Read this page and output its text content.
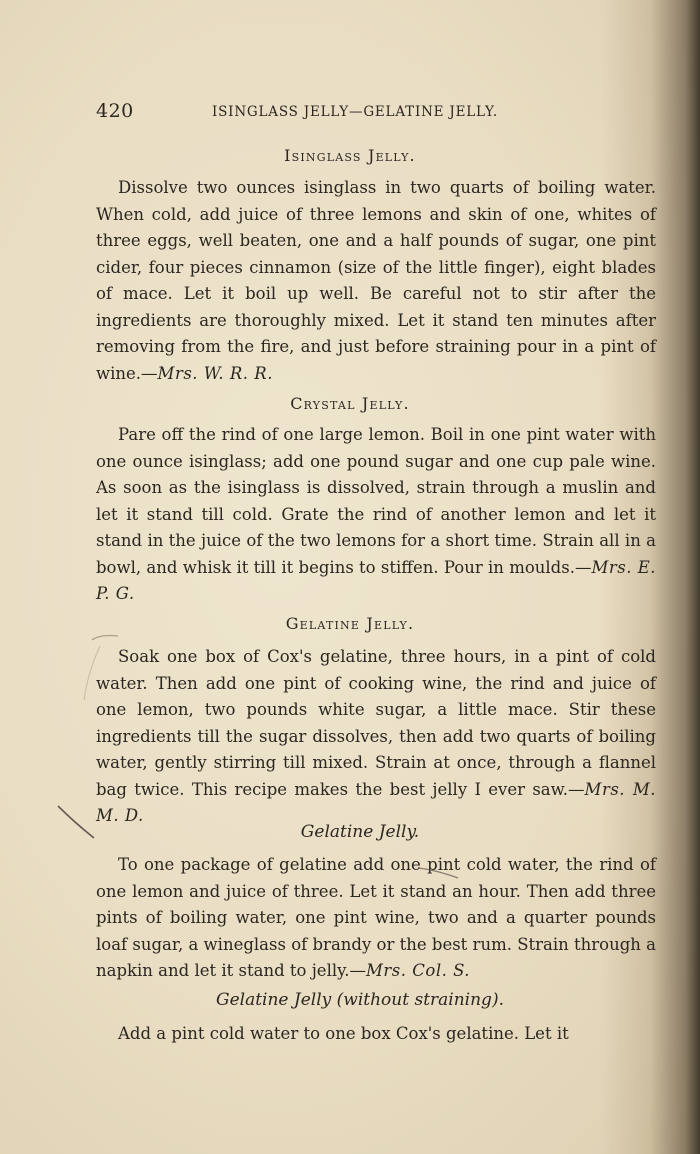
420	ISINGLASS JELLY—GELATINE JELLY.
Isinglass Jelly.

Dissolve two ounces isinglass in two quarts of boiling water. When cold, add juice of three lemons and skin of one, whites of three eggs, well beaten, one and a half pounds of sugar, one pint cider, four pieces cinnamon (size of the little finger), eight blades of mace. Let it boil up well. Be careful not to stir after the ingredients are thoroughly mixed. Let it stand ten minutes after removing from the fire, and just before straining pour in a pint of wine.—Mrs. W. R. R.

Crystal Jelly.

Pare off the rind of one large lemon. Boil in one pint water with one ounce isinglass; add one pound sugar and one cup pale wine. As soon as the isinglass is dissolved, strain through a muslin and let it stand till cold. Grate the rind of another lemon and let it stand in the juice of the two lemons for a short time. Strain all in a bowl, and whisk it till it begins to stiffen. Pour in moulds.—Mrs. E. P. G.

Gelatine Jelly.

Soak one box of Cox's gelatine, three hours, in a pint of cold water. Then add one pint of cooking wine, the rind and juice of one lemon, two pounds white sugar, a little mace. Stir these ingredients till the sugar dissolves, then add two quarts of boiling water, gently stirring till mixed. Strain at once, through a flannel bag twice. This recipe makes the best jelly I ever saw.—Mrs. M. M. D.

Gelatine Jelly.

To one package of gelatine add one pint cold water, the rind of one lemon and juice of three. Let it stand an hour. Then add three pints of boiling water, one pint wine, two and a quarter pounds loaf sugar, a wineglass of brandy or the best rum. Strain through a napkin and let it stand to jelly.—Mrs. Col. S.

Gelatine Jelly (without straining).

Add a pint cold water to one box Cox's gelatine. Let it
